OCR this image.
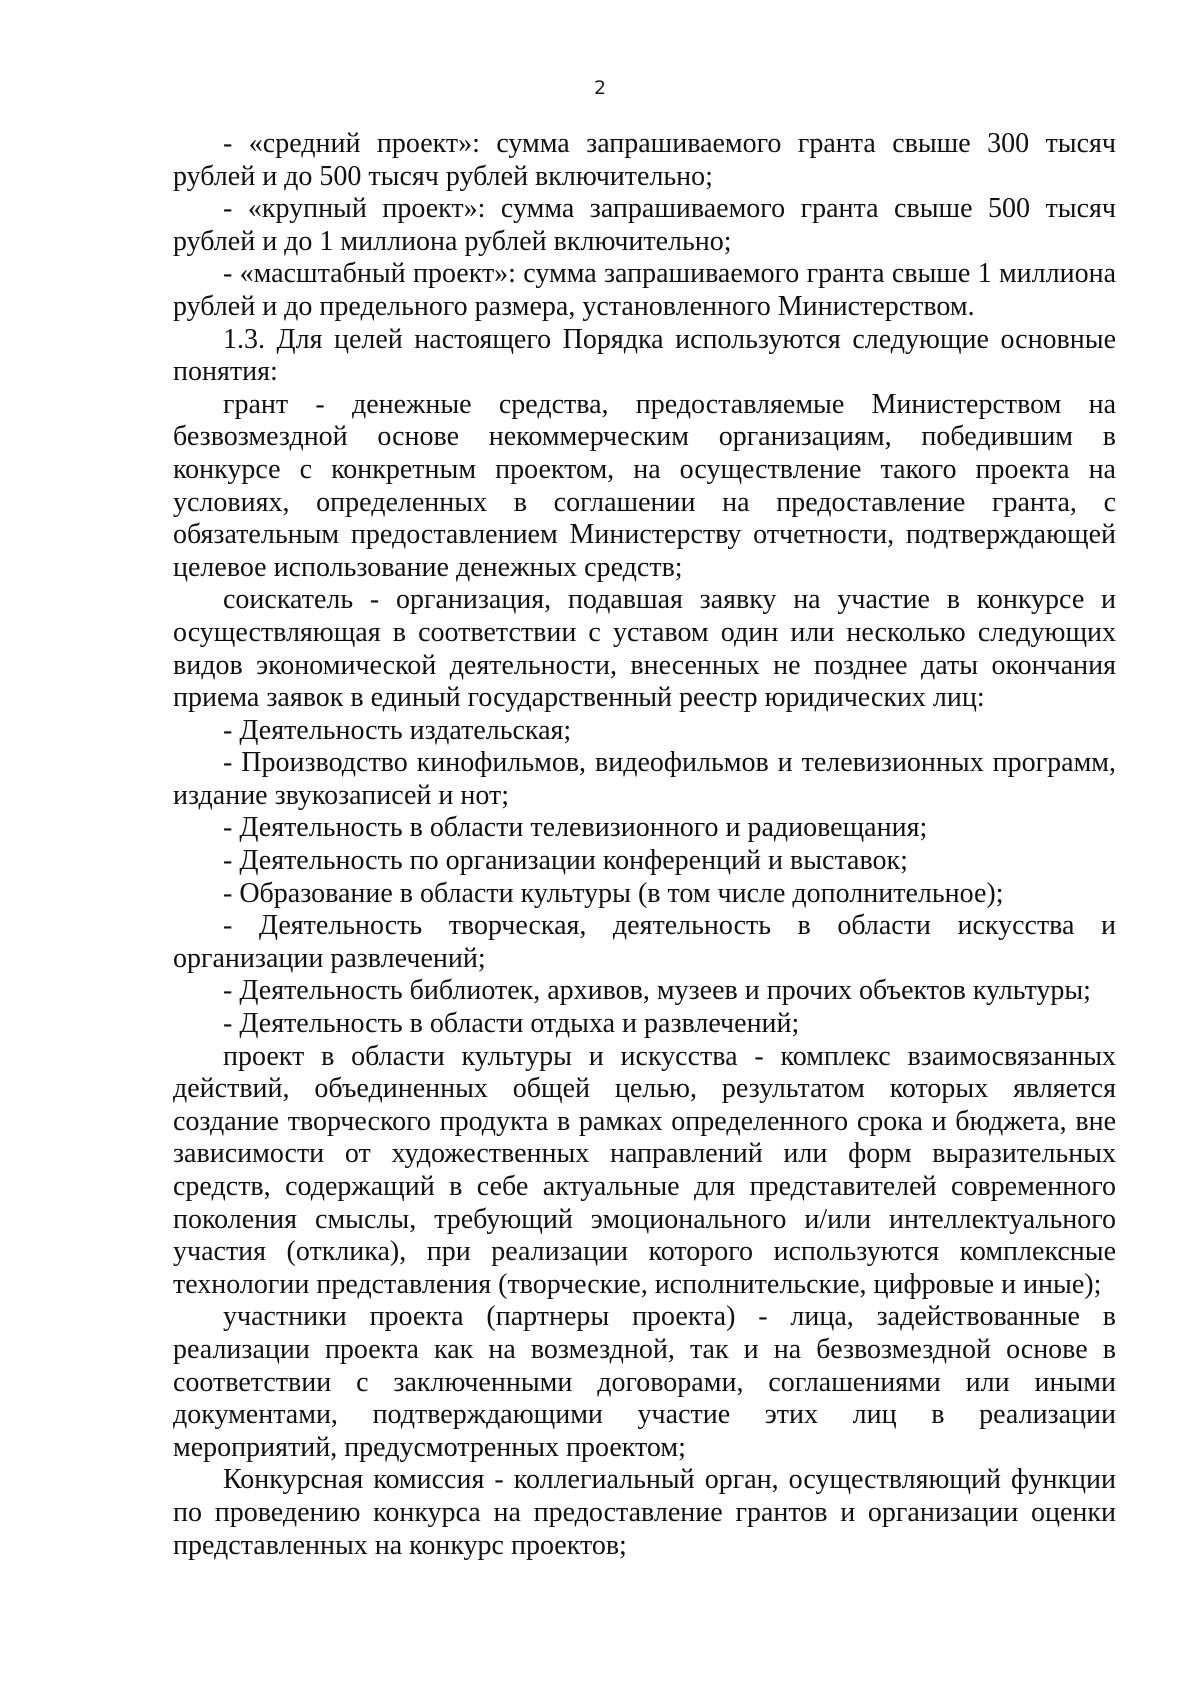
2

- «средний проект»: сумма запрашиваемого гранта свыше 300 тысяч рублей и до 500 тысяч рублей включительно;

- «крупный проект»: сумма запрашиваемого гранта свыше 500 тысяч рублей и до 1 миллиона рублей включительно;

- «масштабный проект»: сумма запрашиваемого гранта свыше 1 миллиона рублей и до предельного размера, установленного Министерством.

1.3. Для целей настоящего Порядка используются следующие основные понятия:

грант - денежные средства, предоставляемые Министерством на безвозмездной основе некоммерческим организациям, победившим в конкурсе с конкретным проектом, на осуществление такого проекта на условиях, определенных в соглашении на предоставление гранта, с обязательным предоставлением Министерству отчетности, подтверждающей целевое использование денежных средств;

соискатель - организация, подавшая заявку на участие в конкурсе и осуществляющая в соответствии с уставом один или несколько следующих видов экономической деятельности, внесенных не позднее даты окончания приема заявок в единый государственный реестр юридических лиц:

- Деятельность издательская;

- Производство кинофильмов, видеофильмов и телевизионных программ, издание звукозаписей и нот;

- Деятельность в области телевизионного и радиовещания;

- Деятельность по организации конференций и выставок;

- Образование в области культуры (в том числе дополнительное);

- Деятельность творческая, деятельность в области искусства и организации развлечений;

- Деятельность библиотек, архивов, музеев и прочих объектов культуры;

- Деятельность в области отдыха и развлечений;

проект в области культуры и искусства - комплекс взаимосвязанных действий, объединенных общей целью, результатом которых является создание творческого продукта в рамках определенного срока и бюджета, вне зависимости от художественных направлений или форм выразительных средств, содержащий в себе актуальные для представителей современного поколения смыслы, требующий эмоционального и/или интеллектуального участия (отклика), при реализации которого используются комплексные технологии представления (творческие, исполнительские, цифровые и иные);

участники проекта (партнеры проекта) - лица, задействованные в реализации проекта как на возмездной, так и на безвозмездной основе в соответствии с заключенными договорами, соглашениями или иными документами, подтверждающими участие этих лиц в реализации мероприятий, предусмотренных проектом;

Конкурсная комиссия - коллегиальный орган, осуществляющий функции по проведению конкурса на предоставление грантов и организации оценки представленных на конкурс проектов;
